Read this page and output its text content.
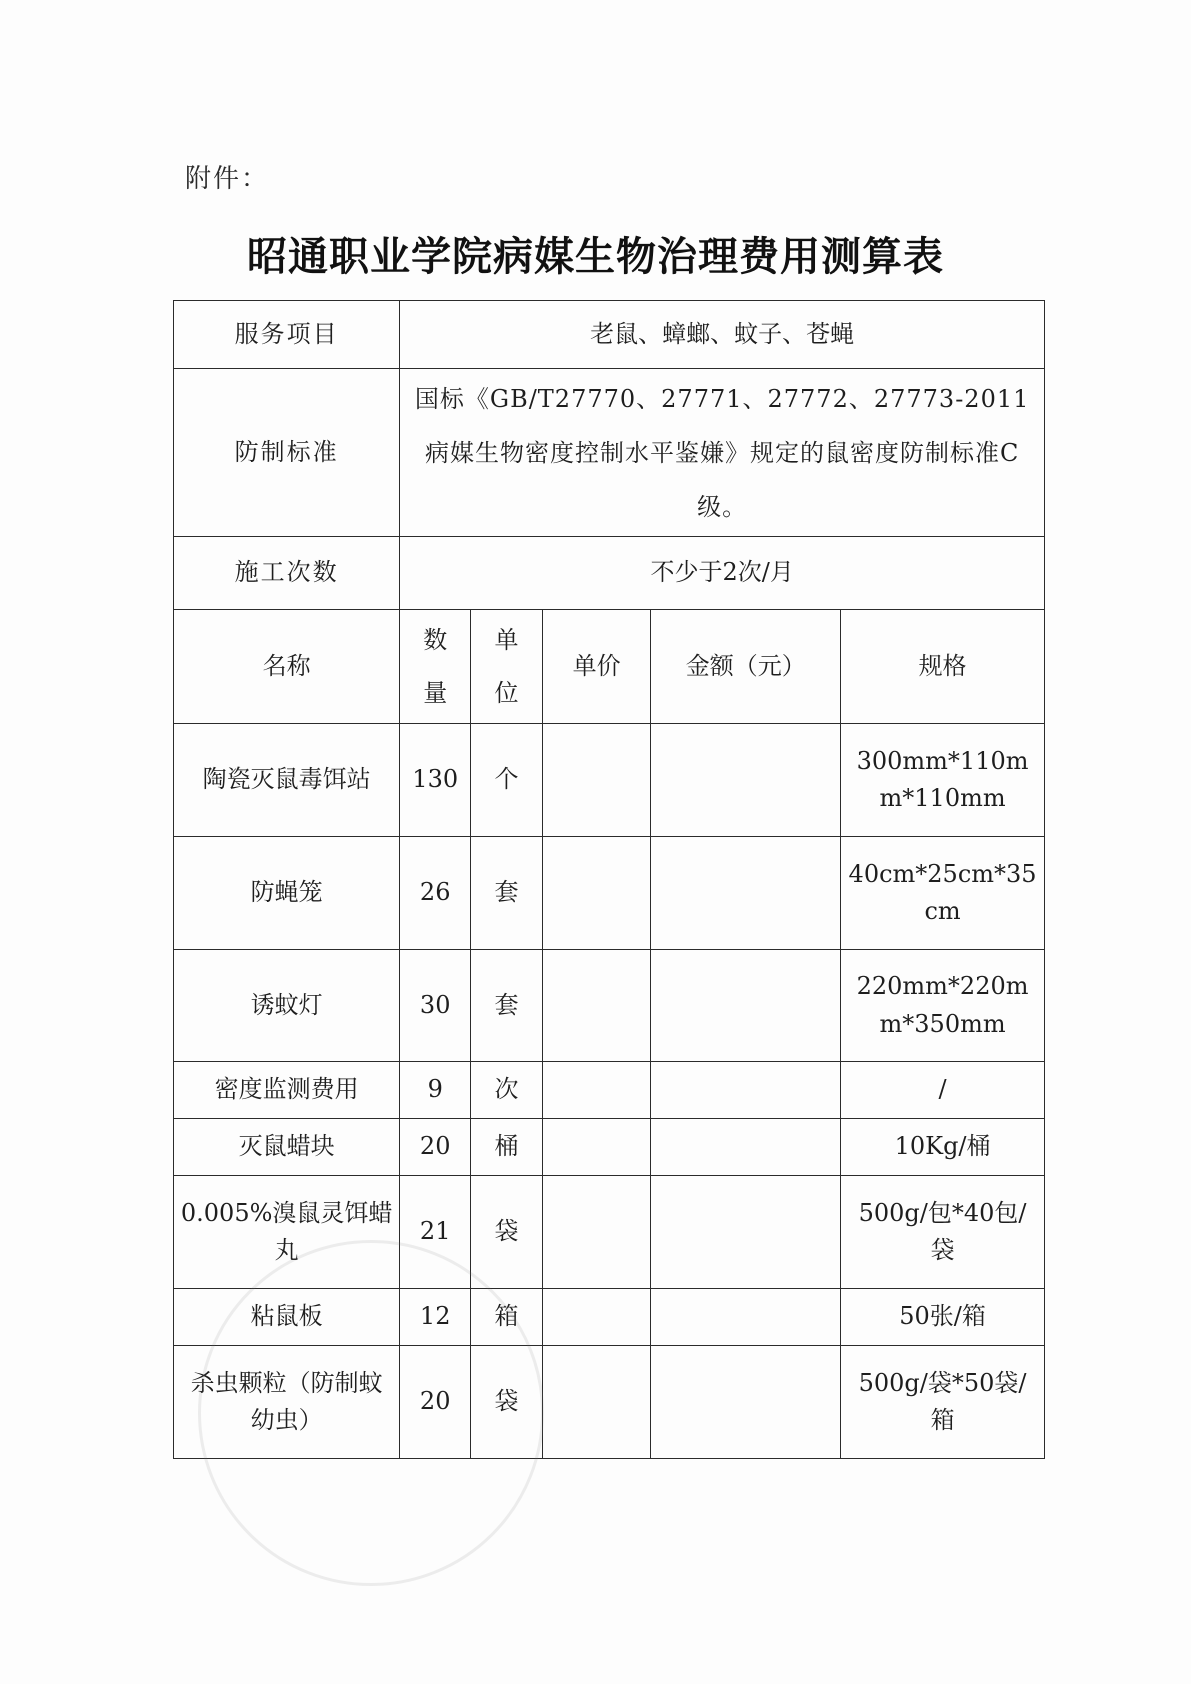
附件：
昭通职业学院病媒生物治理费用测算表
服务项目	老鼠、蟑螂、蚊子、苍蝇				
防制标准	国标《GB/T27770、27771、27772、27773-2011病媒生物密度控制水平鉴嫌》规定的鼠密度防制标准C级。				
施工次数	不少于2次/月				
名称	数量	单位	单价	金额（元）	规格
陶瓷灭鼠毒饵站	130	个			300mm*110mm*110mm
防蝇笼	26	套			40cm*25cm*35cm
诱蚊灯	30	套			220mm*220mm*350mm
密度监测费用	9	次			/
灭鼠蜡块	20	桶			10Kg/桶
0.005%溴鼠灵饵蜡丸	21	袋			500g/包*40包/袋
粘鼠板	12	箱			50张/箱
杀虫颗粒（防制蚊幼虫）	20	袋			500g/袋*50袋/箱
